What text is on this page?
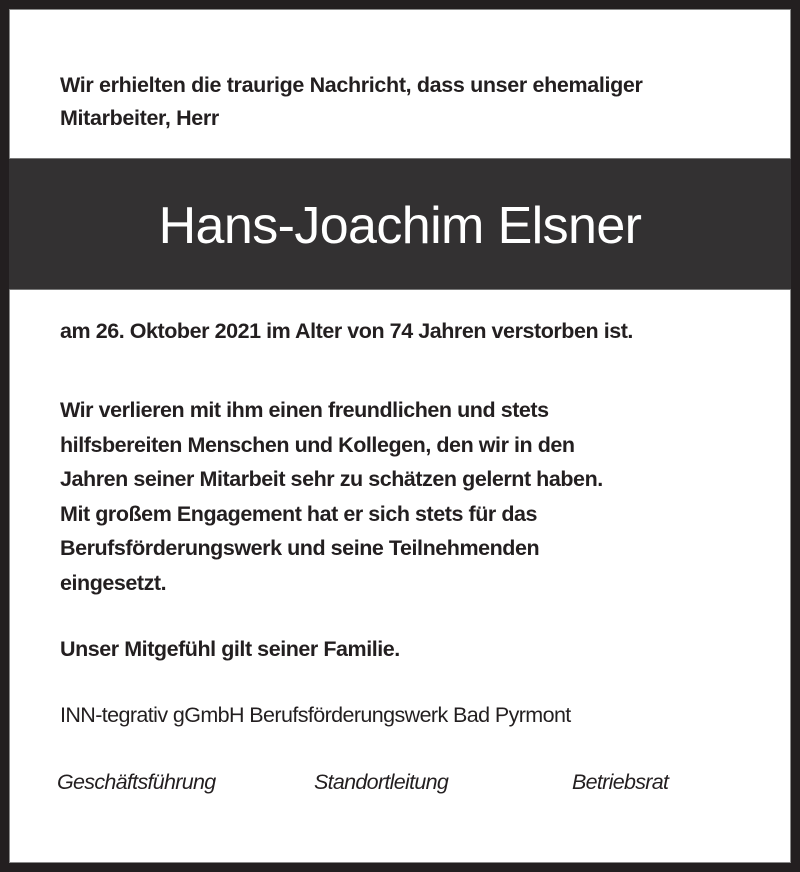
Wir erhielten die traurige Nachricht, dass unser ehemaliger
Mitarbeiter, Herr

Hans-Joachim Elsner

am 26. Oktober 2021 im Alter von 74 Jahren verstorben ist.

Wir verlieren mit ihm einen freundlichen und stets
hilfsbereiten Menschen und Kollegen, den wir in den
Jahren seiner Mitarbeit sehr zu schätzen gelernt haben.
Mit großem Engagement hat er sich stets für das
Berufsförderungswerk und seine Teilnehmenden
eingesetzt.

Unser Mitgefühl gilt seiner Familie.

INN-tegrativ gGmbH Berufsförderungswerk Bad Pyrmont

Geschäftsführung	Standortleitung	Betriebsrat
